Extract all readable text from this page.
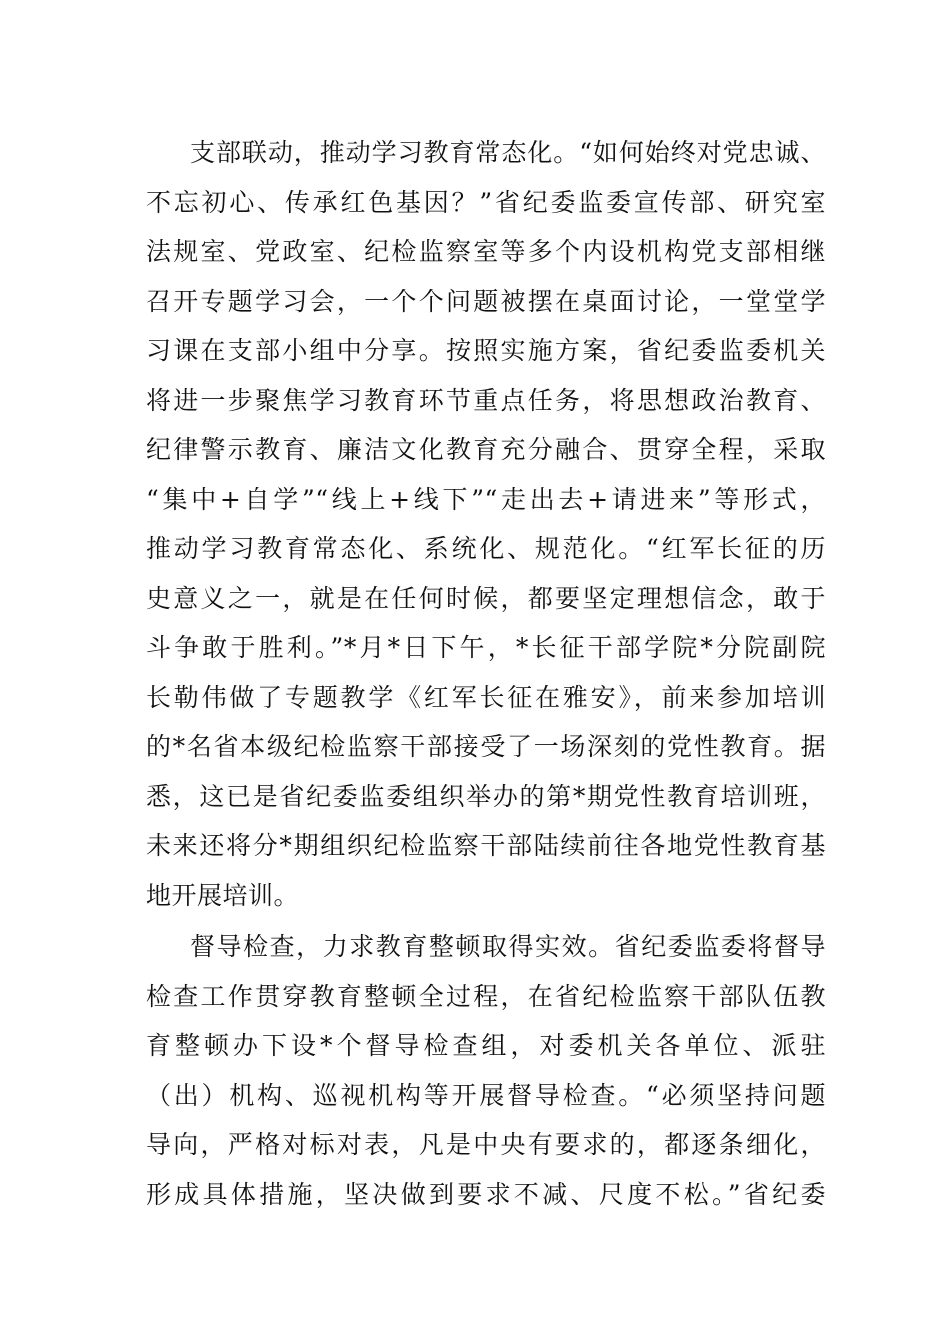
支部联动，推动学习教育常态化。“如何始终对党忠诚、
不忘初心、传承红色基因？”省纪委监委宣传部、研究室
法规室、党政室、纪检监察室等多个内设机构党支部相继
召开专题学习会，一个个问题被摆在桌面讨论，一堂堂学
习课在支部小组中分享。按照实施方案，省纪委监委机关
将进一步聚焦学习教育环节重点任务，将思想政治教育、
纪律警示教育、廉洁文化教育充分融合、贯穿全程，采取
“集中+自学”“线上+线下”“走出去+请进来”等形式，
推动学习教育常态化、系统化、规范化。“红军长征的历
史意义之一，就是在任何时候，都要坚定理想信念，敢于
斗争敢于胜利。”*月*日下午，*长征干部学院*分院副院
长勒伟做了专题教学《红军长征在雅安》，前来参加培训
的*名省本级纪检监察干部接受了一场深刻的党性教育。据
悉，这已是省纪委监委组织举办的第*期党性教育培训班，
未来还将分*期组织纪检监察干部陆续前往各地党性教育基
地开展培训。
督导检查，力求教育整顿取得实效。省纪委监委将督导
检查工作贯穿教育整顿全过程，在省纪检监察干部队伍教
育整顿办下设*个督导检查组，对委机关各单位、派驻
（出）机构、巡视机构等开展督导检查。“必须坚持问题
导向，严格对标对表，凡是中央有要求的，都逐条细化，
形成具体措施，坚决做到要求不减、尺度不松。”省纪委
